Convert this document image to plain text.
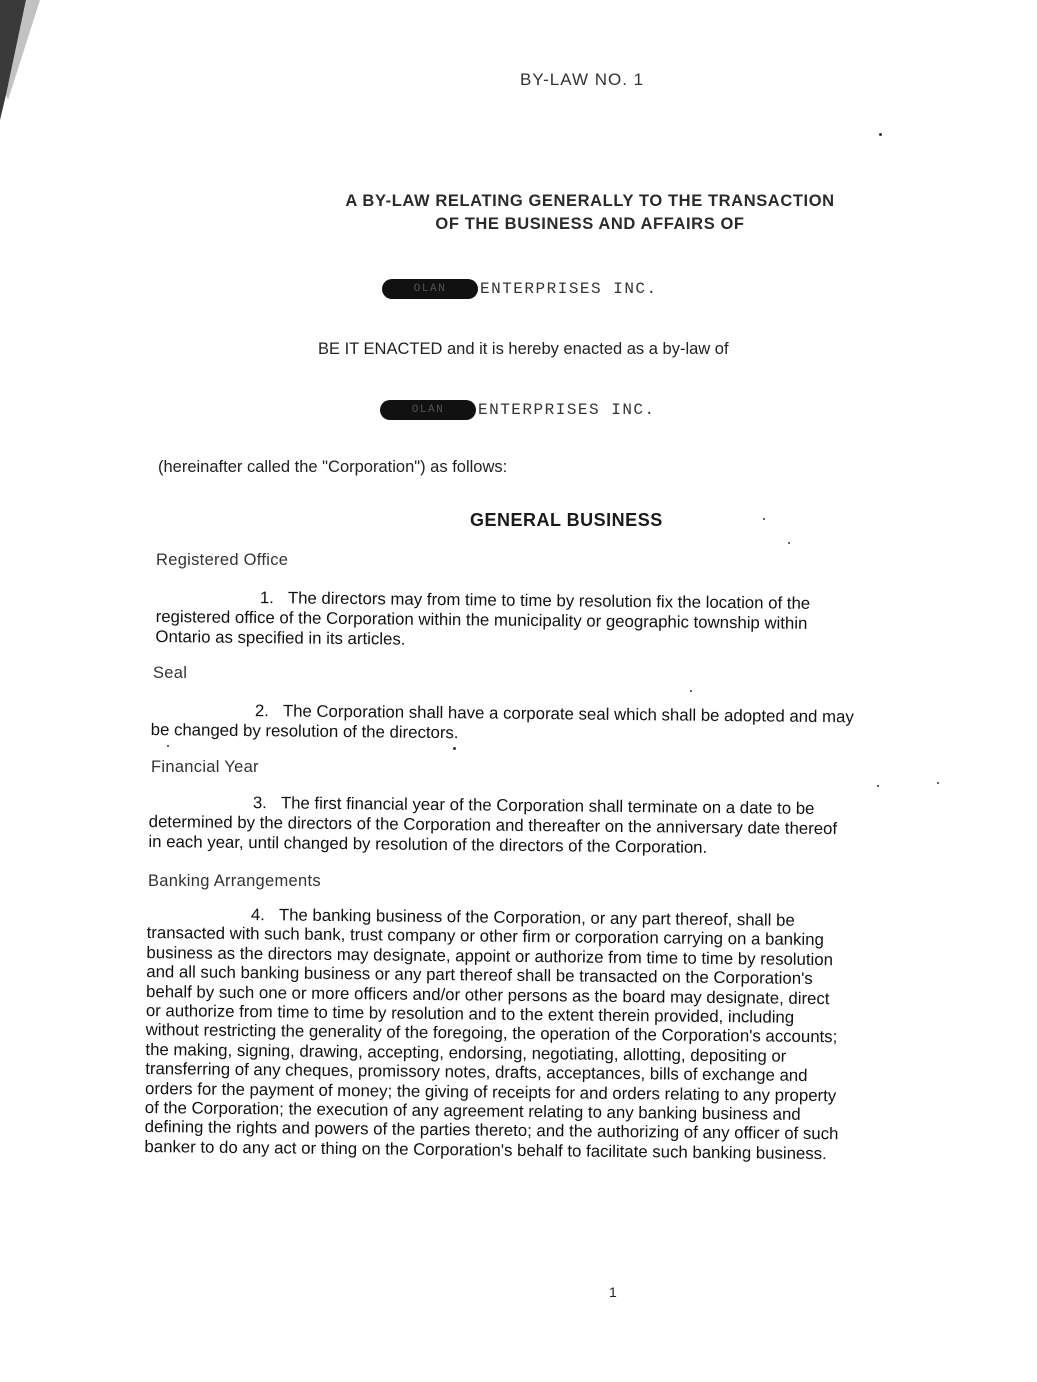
BY-LAW NO. 1
A BY-LAW RELATING GENERALLY TO THE TRANSACTION
OF THE BUSINESS AND AFFAIRS OF
OLAN	ENTERPRISES INC.
BE IT ENACTED and it is hereby enacted as a by-law of
OLAN	ENTERPRISES INC.
(hereinafter called the "Corporation") as follows:
GENERAL BUSINESS
Registered Office
1. The directors may from time to time by resolution fix the location of the
registered office of the Corporation within the municipality or geographic township within
Ontario as specified in its articles.
Seal
2. The Corporation shall have a corporate seal which shall be adopted and may
be changed by resolution of the directors.
Financial Year
3. The first financial year of the Corporation shall terminate on a date to be
determined by the directors of the Corporation and thereafter on the anniversary date thereof
in each year, until changed by resolution of the directors of the Corporation.
Banking Arrangements
4. The banking business of the Corporation, or any part thereof, shall be
transacted with such bank, trust company or other firm or corporation carrying on a banking
business as the directors may designate, appoint or authorize from time to time by resolution
and all such banking business or any part thereof shall be transacted on the Corporation's
behalf by such one or more officers and/or other persons as the board may designate, direct
or authorize from time to time by resolution and to the extent therein provided, including
without restricting the generality of the foregoing, the operation of the Corporation's accounts;
the making, signing, drawing, accepting, endorsing, negotiating, allotting, depositing or
transferring of any cheques, promissory notes, drafts, acceptances, bills of exchange and
orders for the payment of money; the giving of receipts for and orders relating to any property
of the Corporation; the execution of any agreement relating to any banking business and
defining the rights and powers of the parties thereto; and the authorizing of any officer of such
banker to do any act or thing on the Corporation's behalf to facilitate such banking business.
1
